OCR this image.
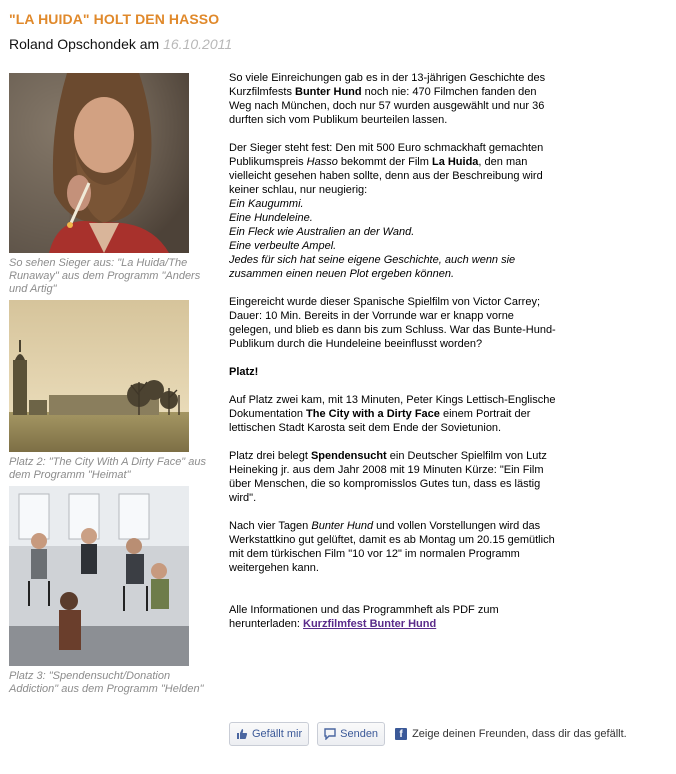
"LA HUIDA" HOLT DEN HASSO
Roland Opschondek am 16.10.2011
So sehen Sieger aus: "La Huida/The Runaway" aus dem Programm "Anders und Artig"
Platz 2: "The City With A Dirty Face" aus dem Programm "Heimat"
Platz 3: "Spendensucht/Donation Addiction" aus dem Programm "Helden"

So viele Einreichungen gab es in der 13-jährigen Geschichte des Kurzfilmfests Bunter Hund noch nie: 470 Filmchen fanden den Weg nach München, doch nur 57 wurden ausgewählt und nur 36 durften sich vom Publikum beurteilen lassen.

Der Sieger steht fest: Den mit 500 Euro schmackhaft gemachten Publikumspreis Hasso bekommt der Film La Huida, den man vielleicht gesehen haben sollte, denn aus der Beschreibung wird keiner schlau, nur neugierig:
Ein Kaugummi.
Eine Hundeleine.
Ein Fleck wie Australien an der Wand.
Eine verbeulte Ampel.
Jedes für sich hat seine eigene Geschichte, auch wenn sie zusammen einen neuen Plot ergeben können.

Eingereicht wurde dieser Spanische Spielfilm von Victor Carrey; Dauer: 10 Min. Bereits in der Vorrunde war er knapp vorne gelegen, und blieb es dann bis zum Schluss. War das Bunte-Hund-Publikum durch die Hundeleine beeinflusst worden?

Platz!

Auf Platz zwei kam, mit 13 Minuten, Peter Kings Lettisch-Englische Dokumentation The City with a Dirty Face einem Portrait der lettischen Stadt Karosta seit dem Ende der Sovietunion.

Platz drei belegt Spendensucht ein Deutscher Spielfilm von Lutz Heineking jr. aus dem Jahr 2008 mit 19 Minuten Kürze: "Ein Film über Menschen, die so kompromisslos Gutes tun, dass es lästig wird".

Nach vier Tagen Bunter Hund und vollen Vorstellungen wird das Werkstattkino gut gelüftet, damit es ab Montag um 20.15 gemütlich mit dem türkischen Film "10 vor 12" im normalen Programm weitergehen kann.

Alle Informationen und das Programmheft als PDF zum herunterladen: Kurzfilmfest Bunter Hund

Gefällt mir	Senden	f Zeige deinen Freunden, dass dir das gefällt.
